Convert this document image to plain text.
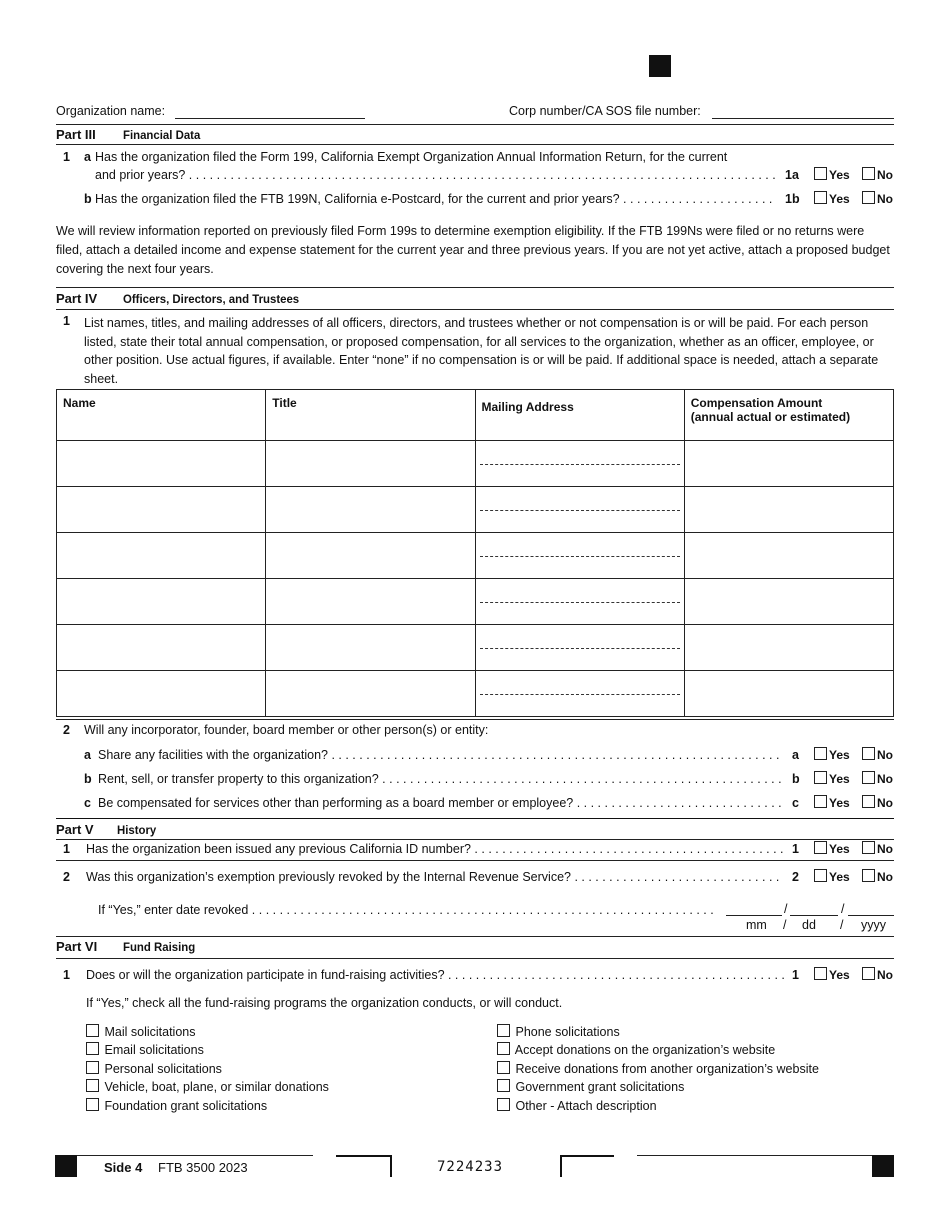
Organization name:	Corp number/CA SOS file number:
Part III Financial Data
1 a Has the organization filed the Form 199, California Exempt Organization Annual Information Return, for the current
and prior years? . . .	1a	Yes	No
b Has the organization filed the FTB 199N, California e-Postcard, for the current and prior years? . . .	1b	Yes	No
We will review information reported on previously filed Form 199s to determine exemption eligibility. If the FTB 199Ns were filed or no returns were filed, attach a detailed income and expense statement for the current year and three previous years. If you are not yet active, attach a proposed budget covering the next four years.
Part IV Officers, Directors, and Trustees
1 List names, titles, and mailing addresses of all officers, directors, and trustees whether or not compensation is or will be paid. For each person listed, state their total annual compensation, or proposed compensation, for all services to the organization, whether as an officer, employee, or other position. Use actual figures, if available. Enter “none” if no compensation is or will be paid. If additional space is needed, attach a separate sheet.
Name	Title	Mailing Address	Compensation Amount
(annual actual or estimated)

2 Will any incorporator, founder, board member or other person(s) or entity:
a Share any facilities with the organization? . . .	a	Yes	No
b Rent, sell, or transfer property to this organization? . . .	b	Yes	No
c Be compensated for services other than performing as a board member or employee? . . .	c	Yes	No
Part V History
1 Has the organization been issued any previous California ID number? . . .	1	Yes	No
2 Was this organization’s exemption previously revoked by the Internal Revenue Service? . . .	2	Yes	No
If “Yes,” enter date revoked . . .	/	/
mm / dd / yyyy
Part VI Fund Raising
1 Does or will the organization participate in fund-raising activities? . . .	1	Yes	No
If “Yes,” check all the fund-raising programs the organization conducts, or will conduct.
Mail solicitations
Email solicitations
Personal solicitations
Vehicle, boat, plane, or similar donations
Foundation grant solicitations
Phone solicitations
Accept donations on the organization’s website
Receive donations from another organization’s website
Government grant solicitations
Other - Attach description
Side 4 FTB 3500 2023	7224233
